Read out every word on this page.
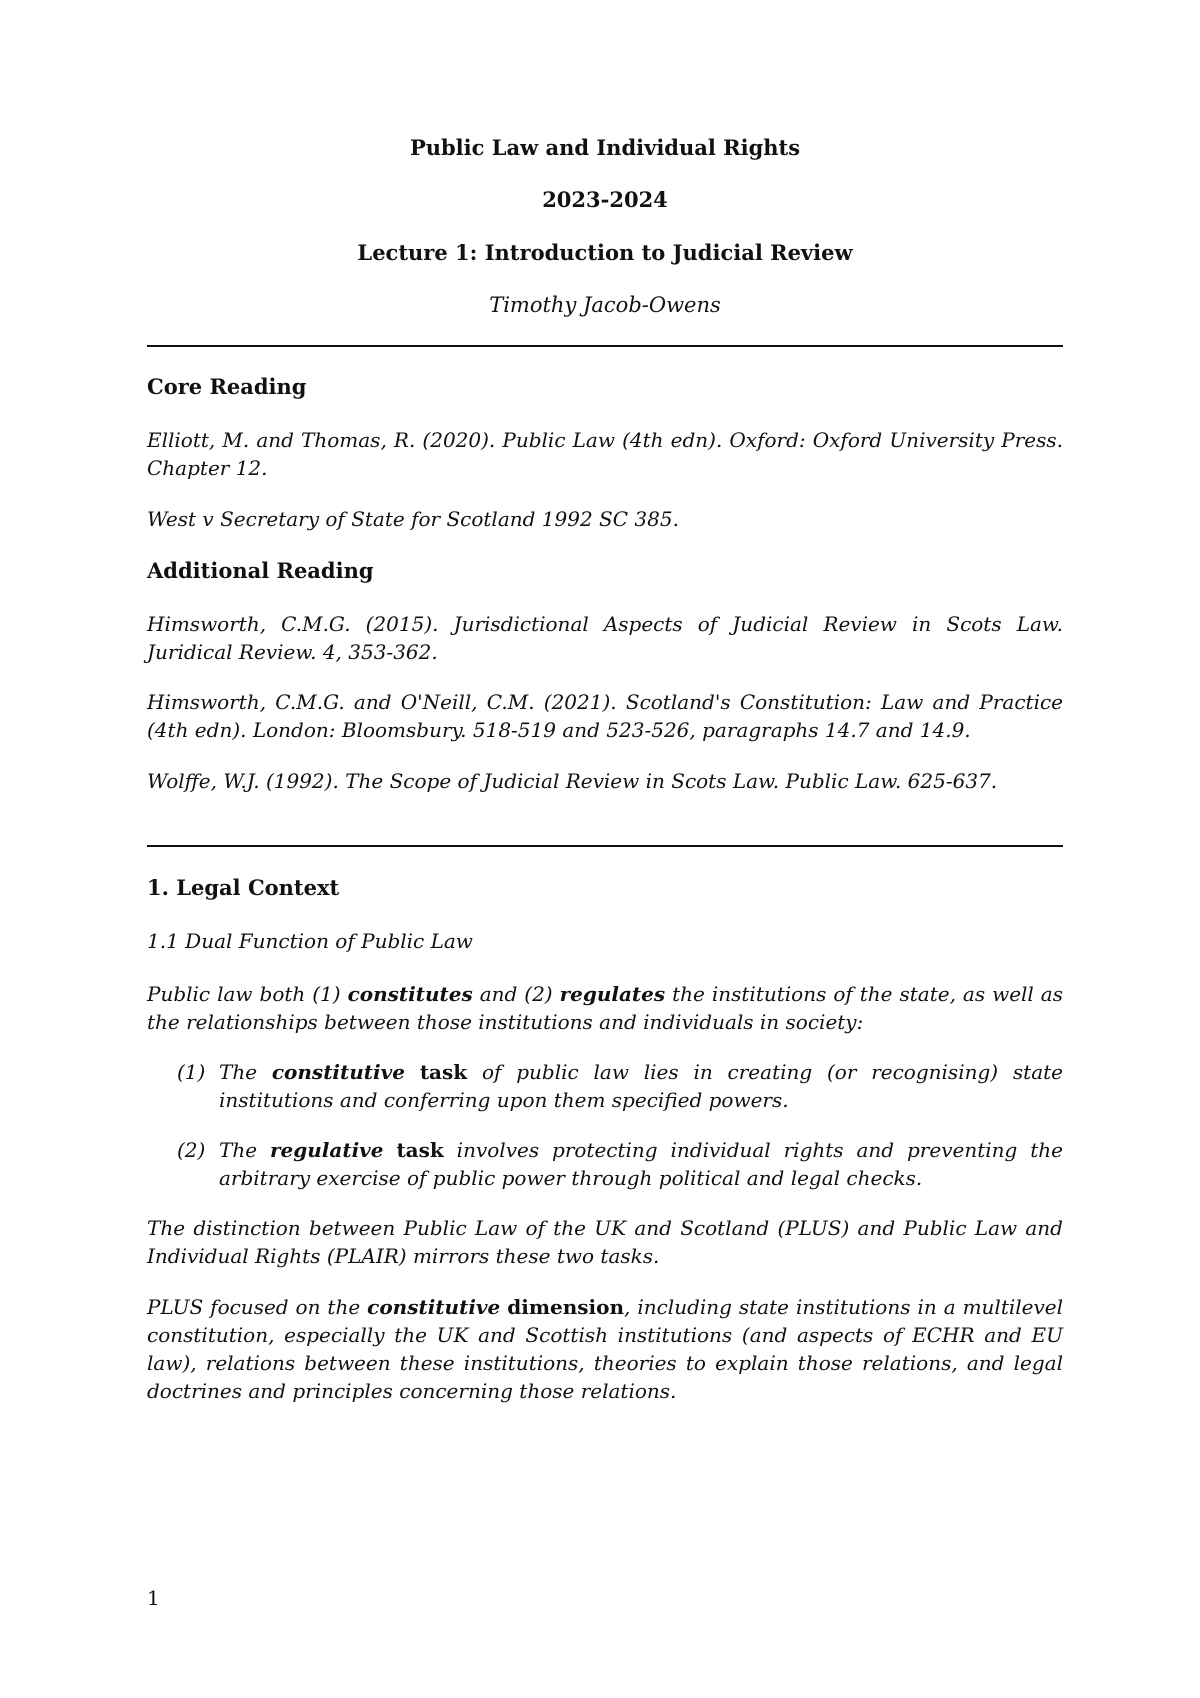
Public Law and Individual Rights
2023-2024
Lecture 1: Introduction to Judicial Review
Timothy Jacob-Owens
Core Reading
Elliott, M. and Thomas, R. (2020). Public Law (4th edn). Oxford: Oxford University Press. Chapter 12.
West v Secretary of State for Scotland 1992 SC 385.
Additional Reading
Himsworth, C.M.G. (2015). Jurisdictional Aspects of Judicial Review in Scots Law. Juridical Review. 4, 353-362.
Himsworth, C.M.G. and O'Neill, C.M. (2021). Scotland's Constitution: Law and Practice (4th edn). London: Bloomsbury. 518-519 and 523-526, paragraphs 14.7 and 14.9.
Wolffe, W.J. (1992). The Scope of Judicial Review in Scots Law. Public Law. 625-637.
1. Legal Context
1.1 Dual Function of Public Law
Public law both (1) constitutes and (2) regulates the institutions of the state, as well as the relationships between those institutions and individuals in society:
(1) The constitutive task of public law lies in creating (or recognising) state institutions and conferring upon them specified powers.
(2) The regulative task involves protecting individual rights and preventing the arbitrary exercise of public power through political and legal checks.
The distinction between Public Law of the UK and Scotland (PLUS) and Public Law and Individual Rights (PLAIR) mirrors these two tasks.
PLUS focused on the constitutive dimension, including state institutions in a multilevel constitution, especially the UK and Scottish institutions (and aspects of ECHR and EU law), relations between these institutions, theories to explain those relations, and legal doctrines and principles concerning those relations.
1
